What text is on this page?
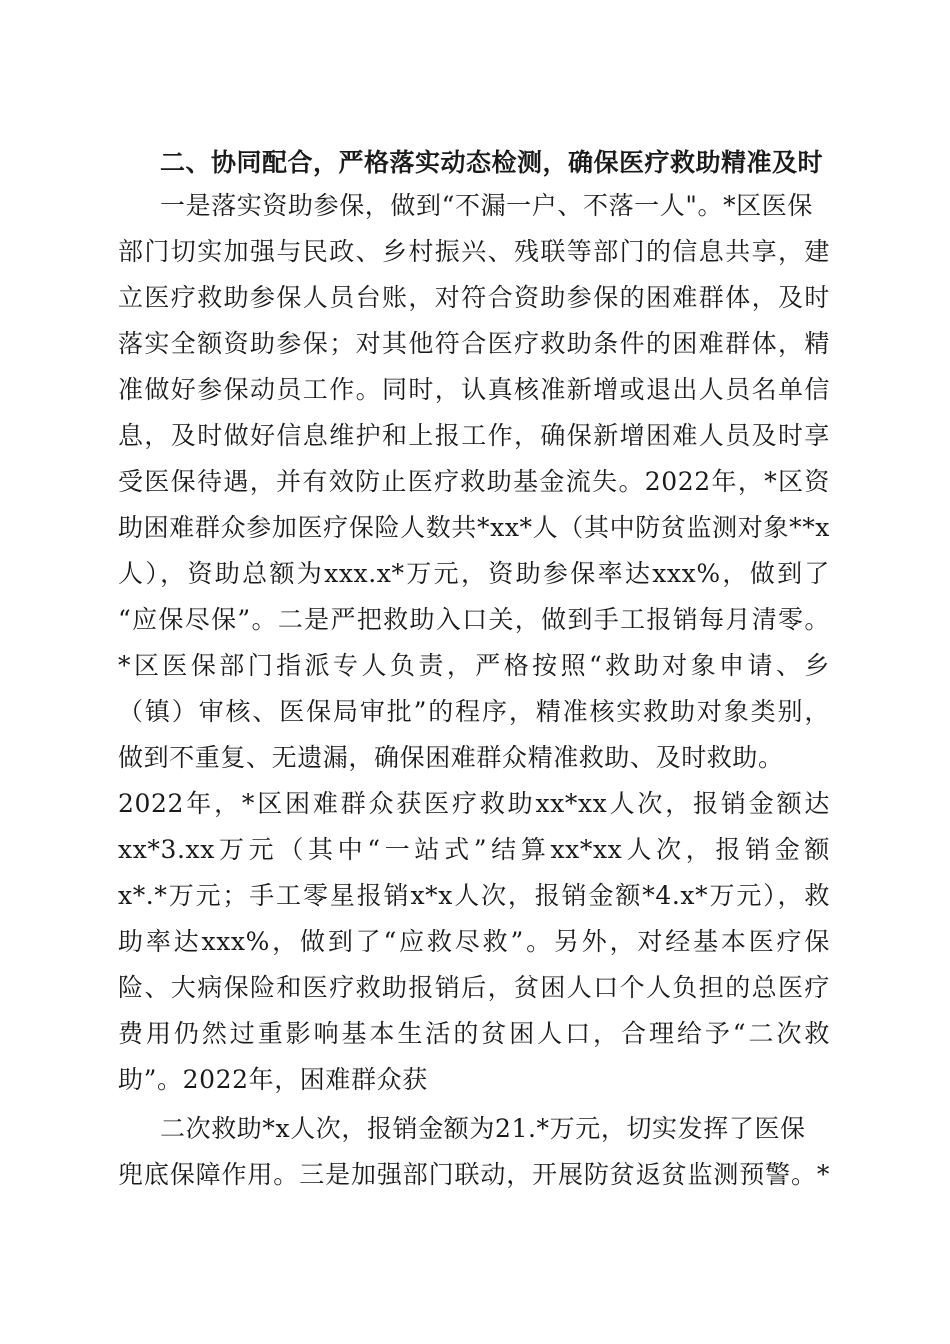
二、协同配合，严格落实动态检测，确保医疗救助精准及时
一是落实资助参保，做到“不漏一户、不落一人"。*区医保
部门切实加强与民政、乡村振兴、残联等部门的信息共享，建
立医疗救助参保人员台账，对符合资助参保的困难群体，及时
落实全额资助参保；对其他符合医疗救助条件的困难群体，精
准做好参保动员工作。同时，认真核准新增或退出人员名单信
息，及时做好信息维护和上报工作，确保新增困难人员及时享
受医保待遇，并有效防止医疗救助基金流失。2022年，*区资
助困难群众参加医疗保险人数共*xx*人（其中防贫监测对象**x
人），资助总额为xxx.x*万元，资助参保率达xxx%，做到了
“应保尽保”。二是严把救助入口关，做到手工报销每月清零。
*区医保部门指派专人负责，严格按照“救助对象申请、乡
（镇）审核、医保局审批”的程序，精准核实救助对象类别，
做到不重复、无遗漏，确保困难群众精准救助、及时救助。
2022年，*区困难群众获医疗救助xx*xx人次，报销金额达
xx*3.xx万元（其中“一站式”结算xx*xx人次，报销金额
x*.*万元；手工零星报销x*x人次，报销金额*4.x*万元），救
助率达xxx%，做到了“应救尽救”。另外，对经基本医疗保
险、大病保险和医疗救助报销后，贫困人口个人负担的总医疗
费用仍然过重影响基本生活的贫困人口，合理给予“二次救
助”。2022年，困难群众获
二次救助*x人次，报销金额为21.*万元，切实发挥了医保
兜底保障作用。三是加强部门联动，开展防贫返贫监测预警。*
